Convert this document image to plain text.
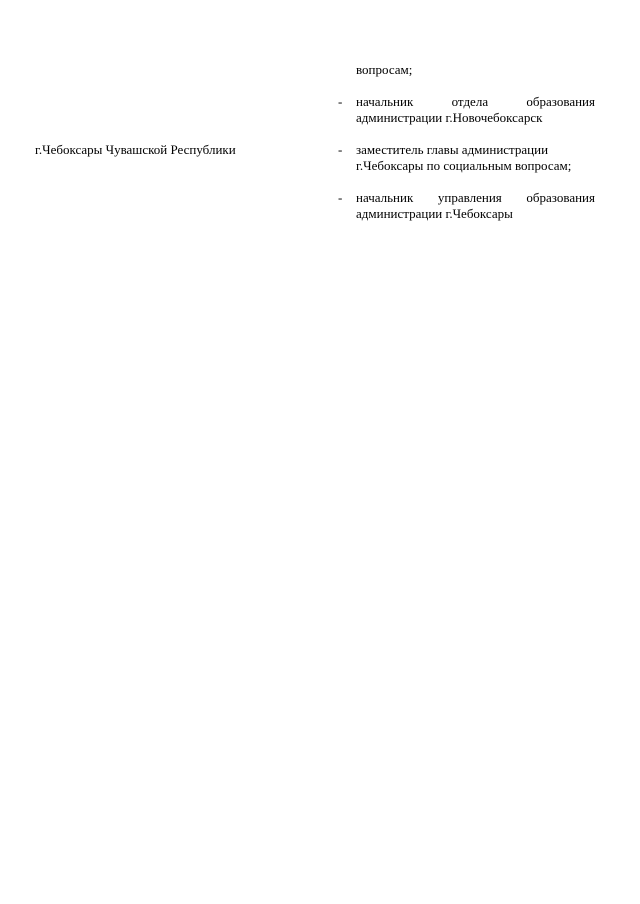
г.Чебоксары Чувашской Республики
вопросам;
- начальник отдела образования
администрации г.Новочебоксарск
- заместитель главы администрации
г.Чебоксары по социальным вопросам;
- начальник управления образования
администрации г.Чебоксары
